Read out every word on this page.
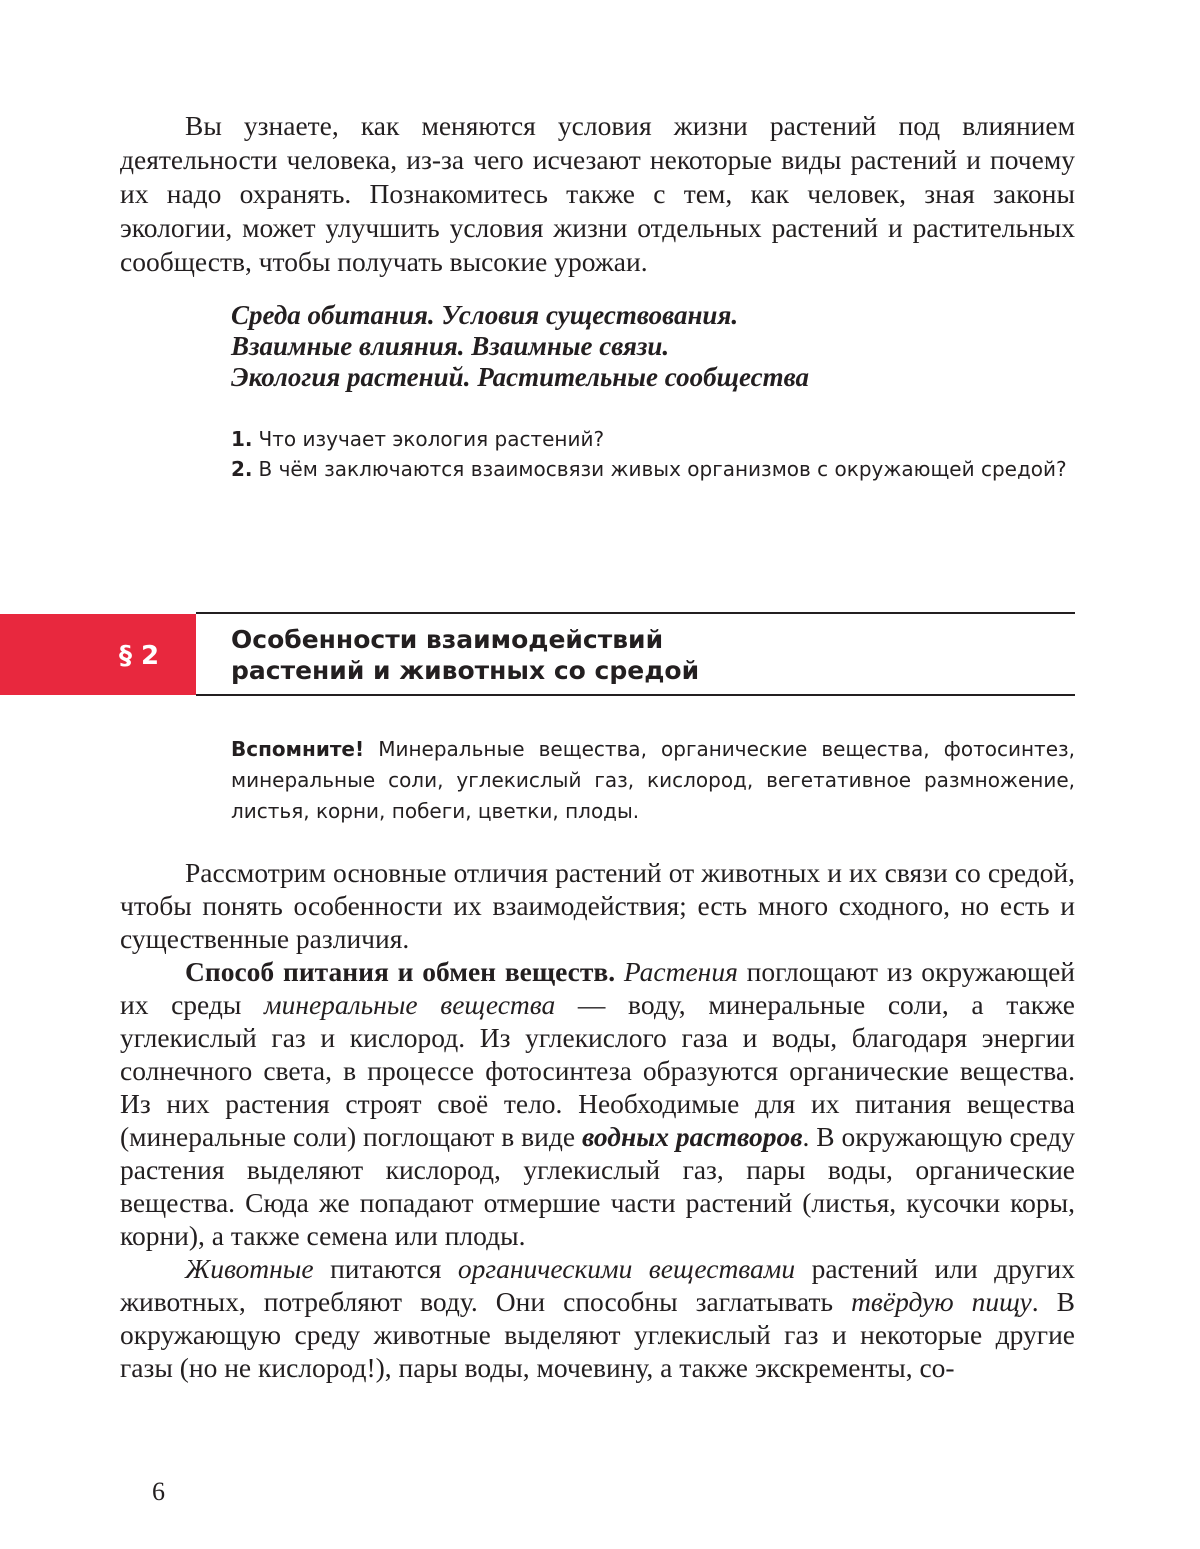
Вы узнаете, как меняются условия жизни растений под влиянием деятельности человека, из-за чего исчезают некоторые виды растений и почему их надо охранять. Познакомитесь также с тем, как человек, зная законы экологии, может улучшить условия жизни отдельных растений и растительных сообществ, чтобы получать высокие урожаи.

Среда обитания. Условия существования.
Взаимные влияния. Взаимные связи.
Экология растений. Растительные сообщества
1. Что изучает экология растений?
2. В чём заключаются взаимосвязи живых организмов с окружающей средой?
§ 2
Особенности взаимодействий
растений и животных со средой
Вспомните! Минеральные вещества, органические вещества, фотосинтез, минеральные соли, углекислый газ, кислород, вегетативное размножение, листья, корни, побеги, цветки, плоды.

Рассмотрим основные отличия растений от животных и их связи со средой, чтобы понять особенности их взаимодействия; есть много сходного, но есть и существенные различия.

Способ питания и обмен веществ. Растения поглощают из окружающей их среды минеральные вещества — воду, минеральные соли, а также углекислый газ и кислород. Из углекислого газа и воды, благодаря энергии солнечного света, в процессе фотосинтеза образуются органические вещества. Из них растения строят своё тело. Необходимые для их питания вещества (минеральные соли) поглощают в виде водных растворов. В окружающую среду растения выделяют кислород, углекислый газ, пары воды, органические вещества. Сюда же попадают отмершие части растений (листья, кусочки коры, корни), а также семена или плоды.

Животные питаются органическими веществами растений или других животных, потребляют воду. Они способны заглатывать твёрдую пищу. В окружающую среду животные выделяют углекислый газ и некоторые другие газы (но не кислород!), пары воды, мочевину, а также экскременты, со-

6
